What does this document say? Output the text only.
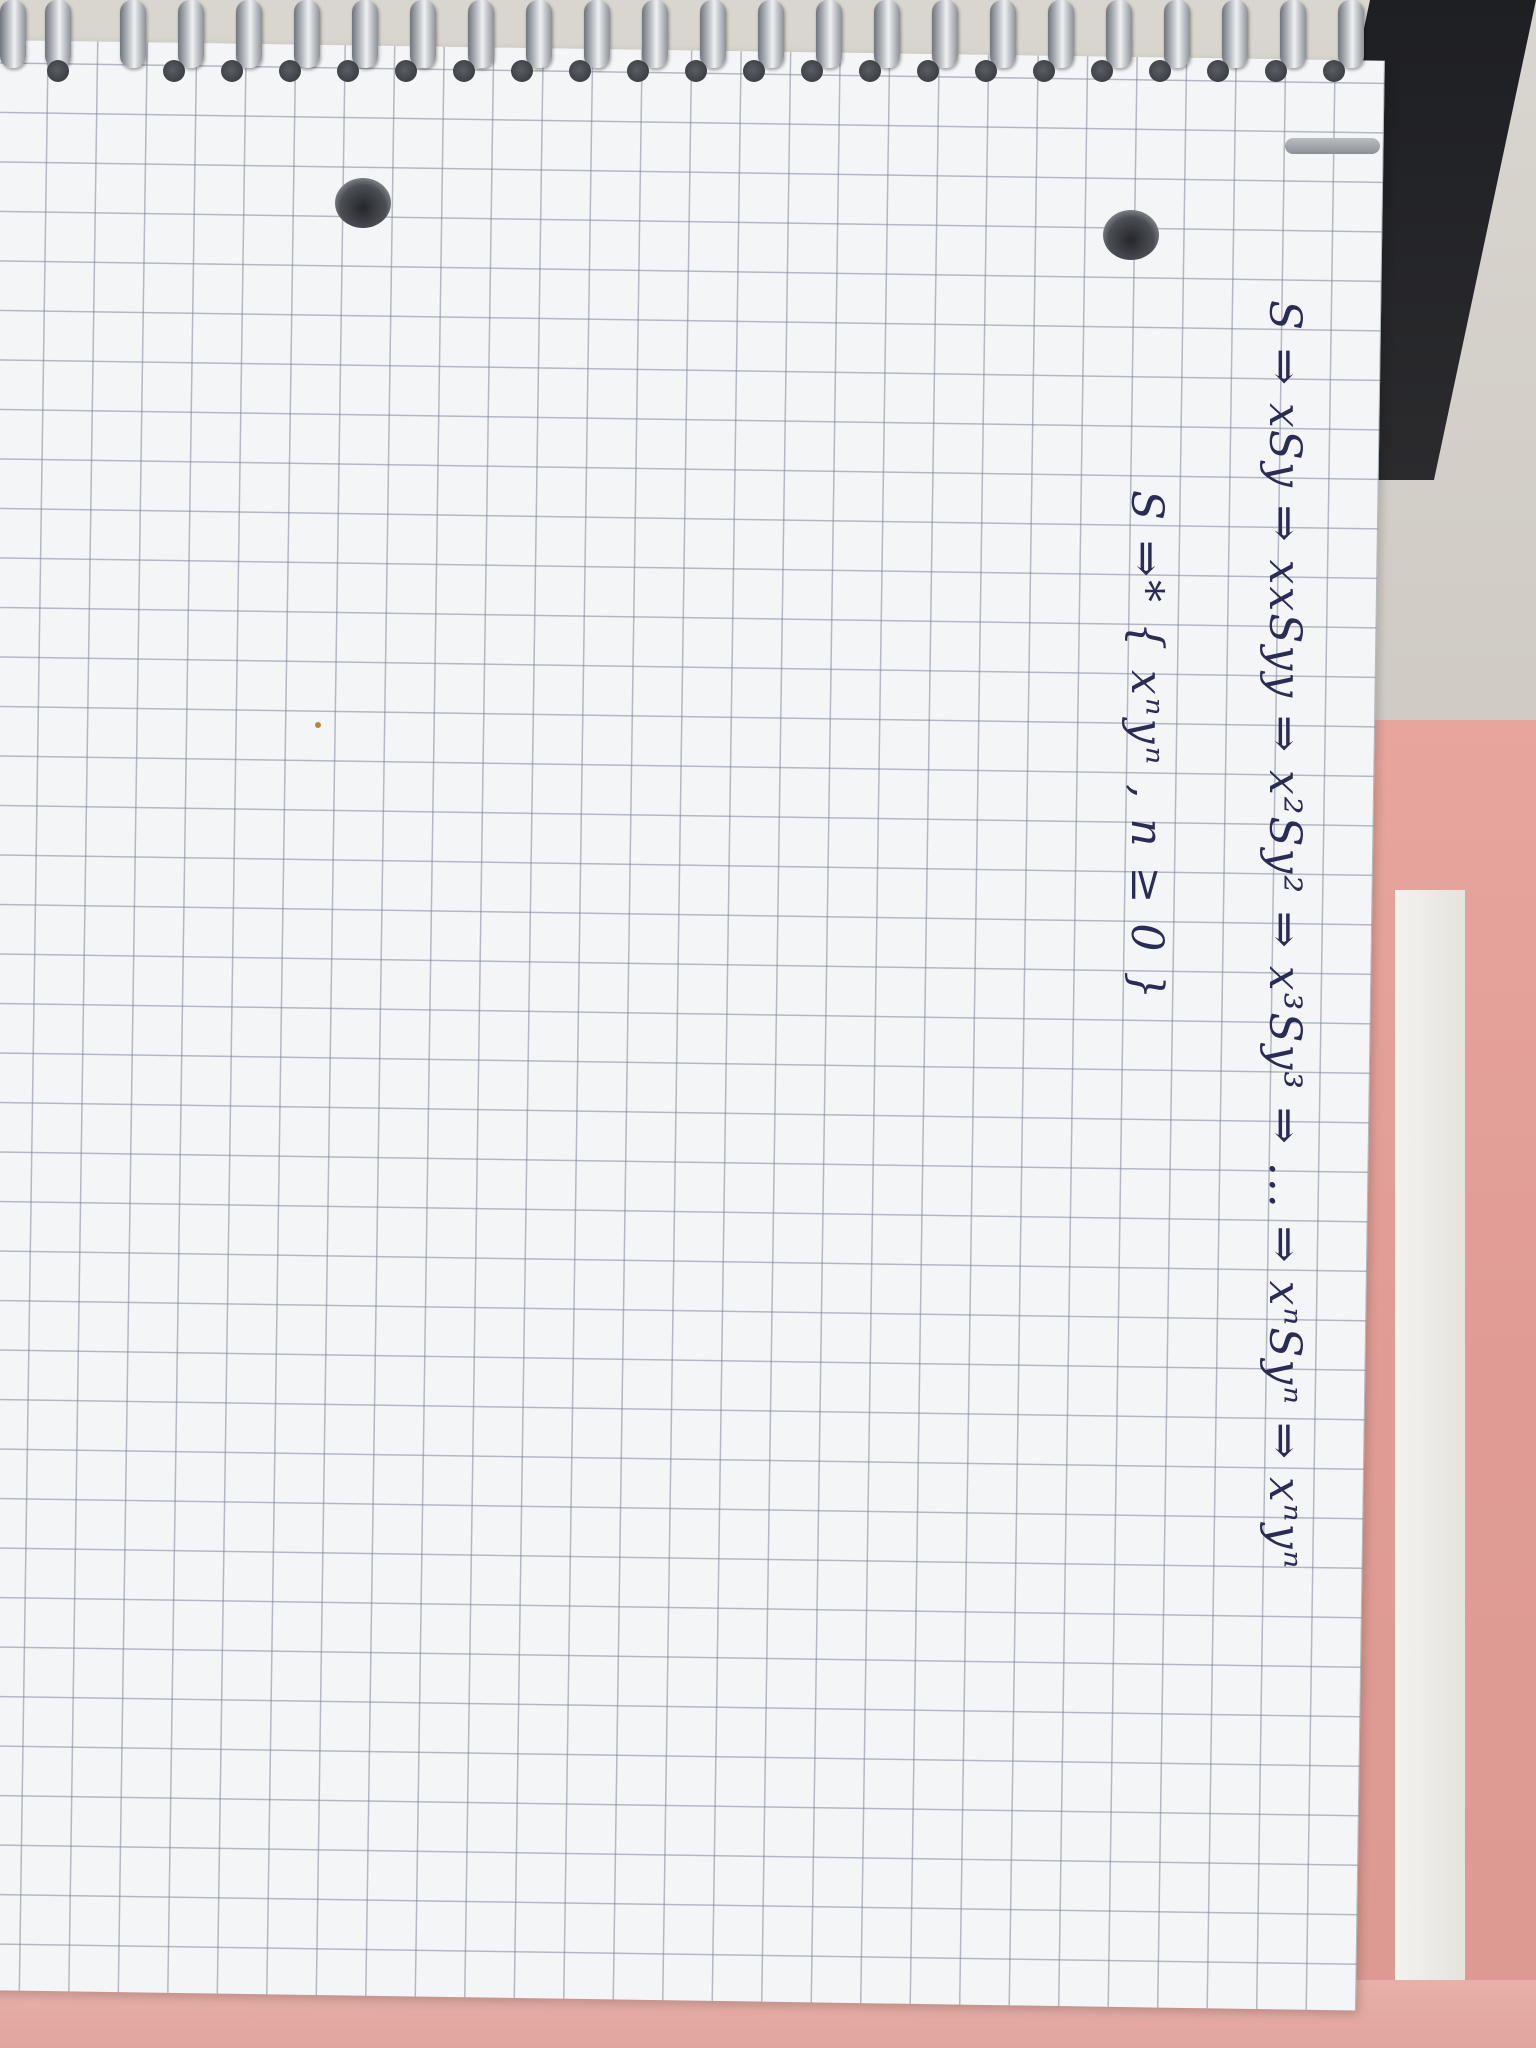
S ⇒ xSy ⇒ xxSyy ⇒ x²Sy² ⇒ x³Sy³ ⇒ ... ⇒ xⁿSyⁿ ⇒ xⁿyⁿ
S ⇒* { xⁿyⁿ , n ≥ 0 }
